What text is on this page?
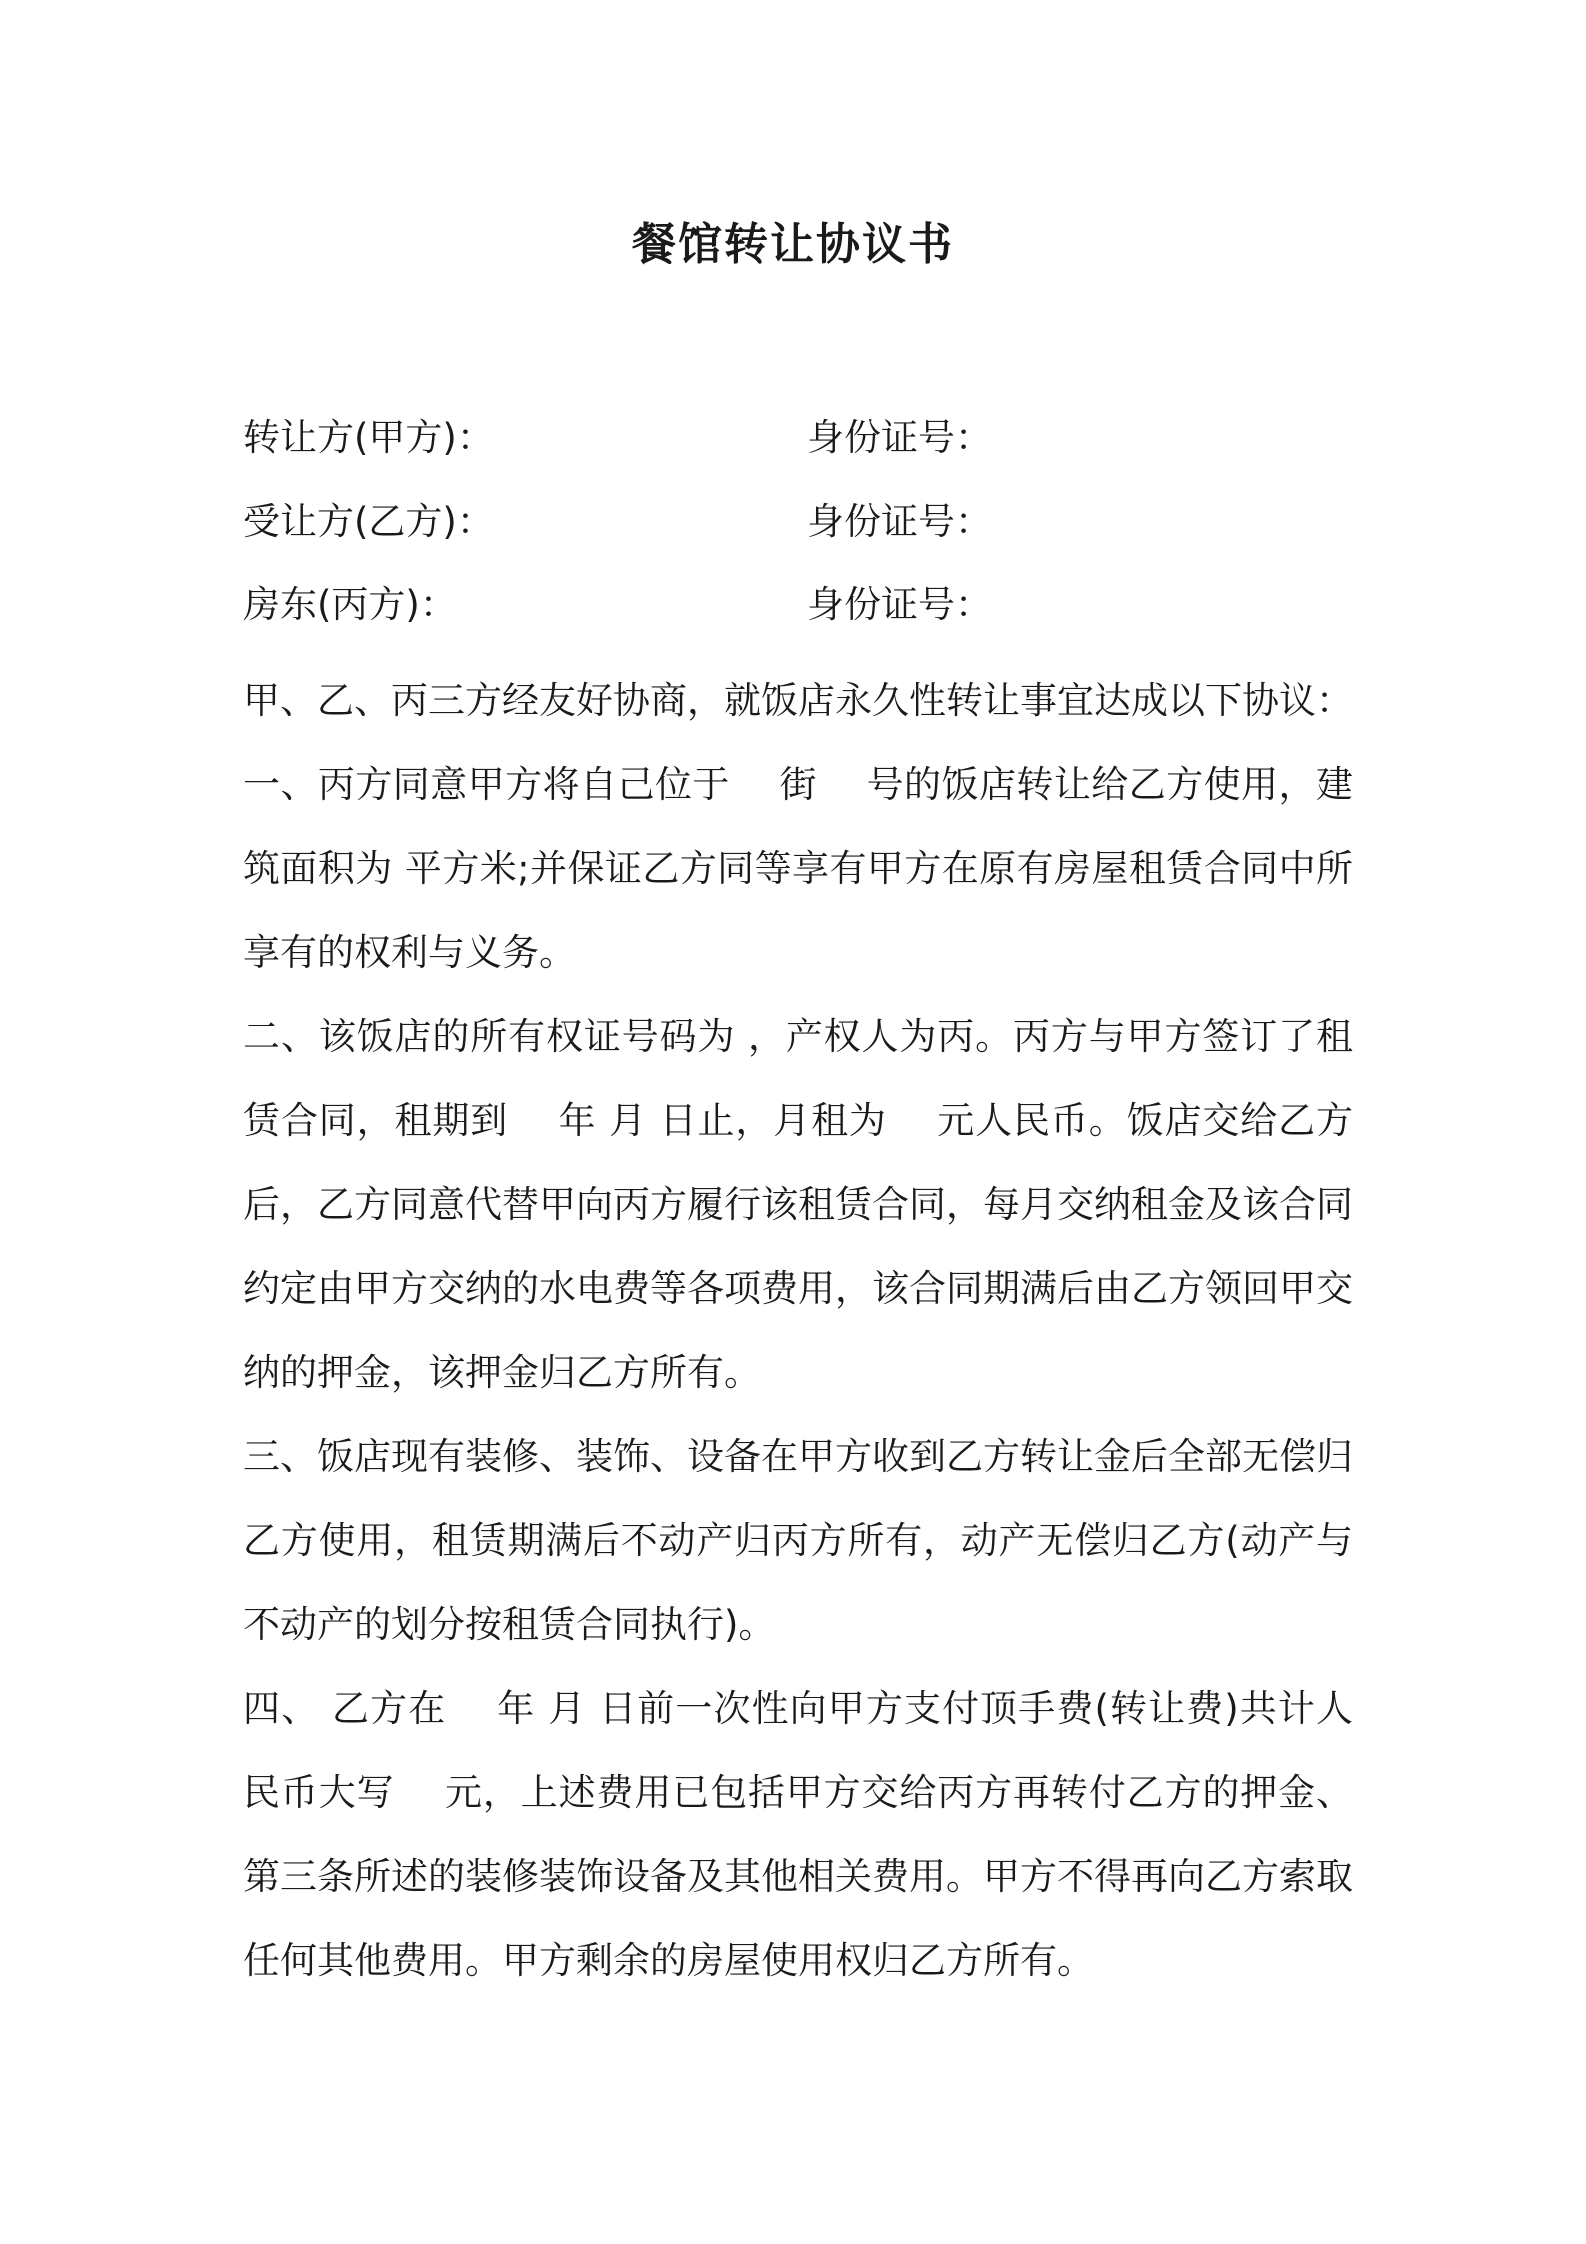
餐馆转让协议书
转让方(甲方)：	身份证号：
受让方(乙方)：	身份证号：
房东(丙方)：	身份证号：

甲、乙、丙三方经友好协商，就饭店永久性转让事宜达成以下协议：

一、丙方同意甲方将自己位于　 街　 号的饭店转让给乙方使用，建筑面积为 平方米;并保证乙方同等享有甲方在原有房屋租赁合同中所享有的权利与义务。

二、该饭店的所有权证号码为 ，产权人为丙。丙方与甲方签订了租赁合同，租期到　 年 月 日止，月租为　 元人民币。饭店交给乙方后，乙方同意代替甲向丙方履行该租赁合同，每月交纳租金及该合同约定由甲方交纳的水电费等各项费用，该合同期满后由乙方领回甲交纳的押金，该押金归乙方所有。

三、饭店现有装修、装饰、设备在甲方收到乙方转让金后全部无偿归乙方使用，租赁期满后不动产归丙方所有，动产无偿归乙方(动产与不动产的划分按租赁合同执行)。

四、 乙方在　 年 月 日前一次性向甲方支付顶手费(转让费)共计人民币大写　 元，上述费用已包括甲方交给丙方再转付乙方的押金、第三条所述的装修装饰设备及其他相关费用。甲方不得再向乙方索取任何其他费用。甲方剩余的房屋使用权归乙方所有。
